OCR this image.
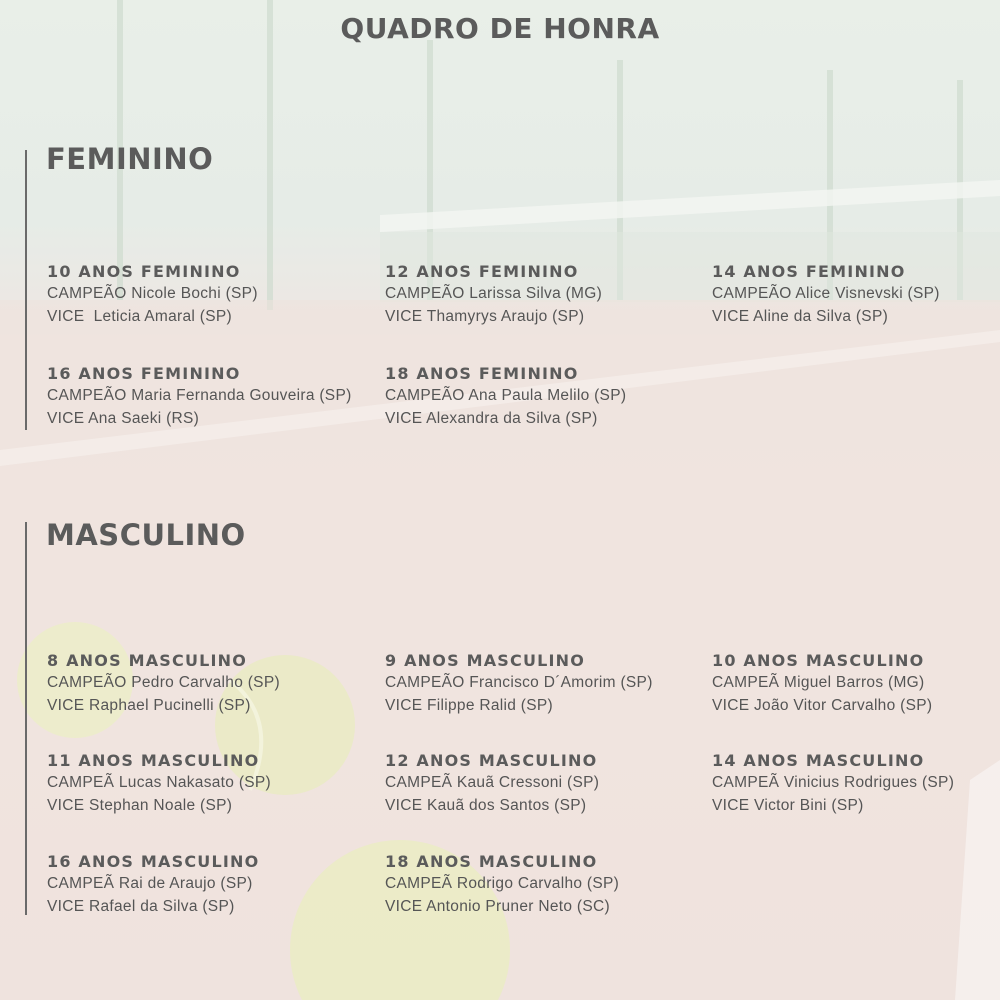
QUADRO DE HONRA
FEMININO
10 ANOS FEMININO
CAMPEÃO Nicole Bochi (SP)
VICE  Leticia Amaral (SP)
12 ANOS FEMININO
CAMPEÃO Larissa Silva (MG)
VICE Thamyrys Araujo (SP)
14 ANOS FEMININO
CAMPEÃO Alice Visnevski (SP)
VICE Aline da Silva (SP)
16 ANOS FEMININO
CAMPEÃO Maria Fernanda Gouveira (SP)
VICE Ana Saeki (RS)
18 ANOS FEMININO
CAMPEÃO Ana Paula Melilo (SP)
VICE Alexandra da Silva (SP)
MASCULINO
8 ANOS MASCULINO
CAMPEÃO Pedro Carvalho (SP)
VICE Raphael Pucinelli (SP)
9 ANOS MASCULINO
CAMPEÃO Francisco D´Amorim (SP)
VICE Filippe Ralid (SP)
10 ANOS MASCULINO
CAMPEÃ Miguel Barros (MG)
VICE João Vitor Carvalho (SP)
11 ANOS MASCULINO
CAMPEÃ Lucas Nakasato (SP)
VICE Stephan Noale (SP)
12 ANOS MASCULINO
CAMPEÃ Kauã Cressoni (SP)
VICE Kauã dos Santos (SP)
14 ANOS MASCULINO
CAMPEÃ Vinicius Rodrigues (SP)
VICE Victor Bini (SP)
16 ANOS MASCULINO
CAMPEÃ Rai de Araujo (SP)
VICE Rafael da Silva (SP)
18 ANOS MASCULINO
CAMPEÃ Rodrigo Carvalho (SP)
VICE Antonio Pruner Neto (SC)
